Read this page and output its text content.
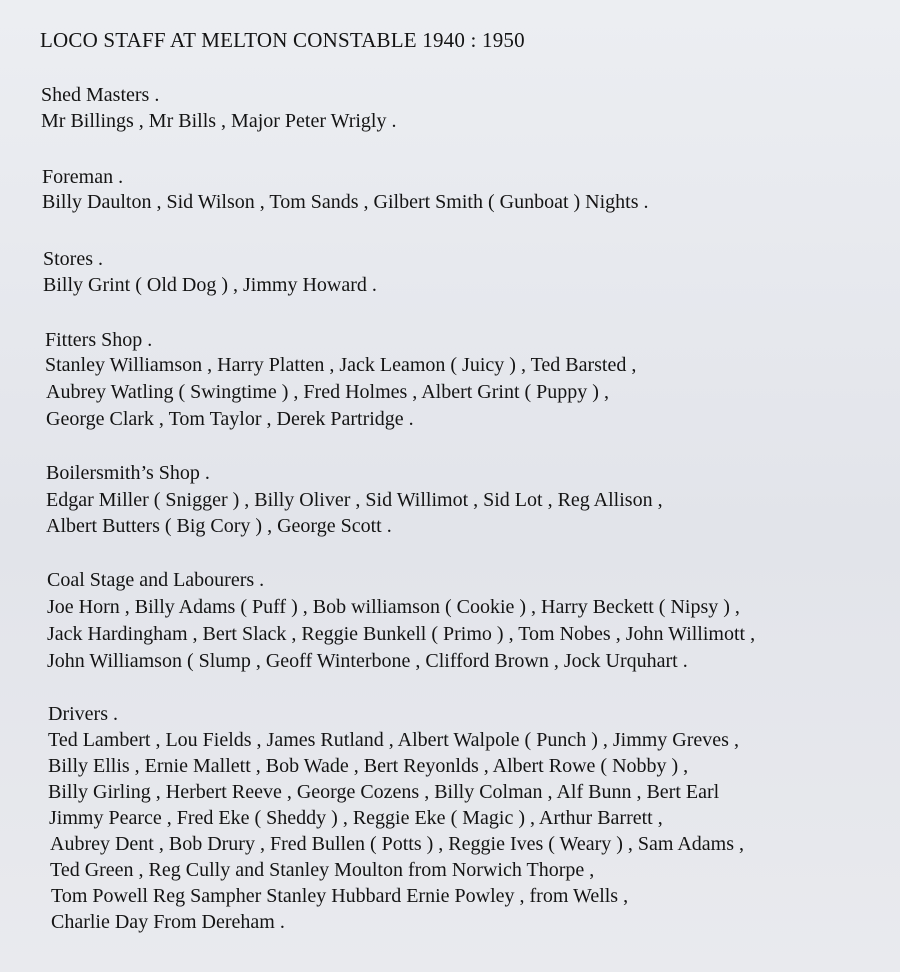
LOCO STAFF AT MELTON CONSTABLE 1940 : 1950
Shed Masters .
Mr Billings , Mr Bills , Major Peter Wrigly .
Foreman .
Billy Daulton , Sid Wilson , Tom Sands , Gilbert Smith ( Gunboat ) Nights .
Stores .
Billy Grint ( Old Dog ) , Jimmy Howard .
Fitters Shop .
Stanley Williamson , Harry Platten , Jack Leamon ( Juicy ) , Ted Barsted ,
Aubrey Watling ( Swingtime ) , Fred Holmes , Albert Grint ( Puppy ) ,
George Clark , Tom Taylor , Derek Partridge .
Boilersmith’s Shop .
Edgar Miller ( Snigger ) , Billy Oliver , Sid Willimot , Sid Lot , Reg Allison ,
Albert Butters ( Big Cory ) , George Scott .
Coal Stage and Labourers .
Joe Horn , Billy Adams ( Puff ) , Bob williamson ( Cookie ) , Harry Beckett ( Nipsy ) ,
Jack Hardingham , Bert Slack , Reggie Bunkell ( Primo ) , Tom Nobes , John Willimott ,
John Williamson ( Slump , Geoff Winterbone , Clifford Brown , Jock Urquhart .
Drivers .
Ted Lambert , Lou Fields , James Rutland , Albert Walpole ( Punch ) , Jimmy Greves ,
Billy Ellis , Ernie Mallett , Bob Wade , Bert Reyonlds , Albert Rowe ( Nobby ) ,
Billy Girling , Herbert Reeve , George Cozens , Billy Colman , Alf Bunn , Bert Earl
Jimmy Pearce , Fred Eke ( Sheddy ) , Reggie Eke ( Magic ) , Arthur Barrett ,
Aubrey Dent , Bob Drury , Fred Bullen ( Potts ) , Reggie Ives ( Weary ) , Sam Adams ,
Ted Green , Reg Cully and Stanley Moulton from Norwich Thorpe ,
Tom Powell Reg Sampher Stanley Hubbard Ernie Powley , from Wells ,
Charlie Day From Dereham .
